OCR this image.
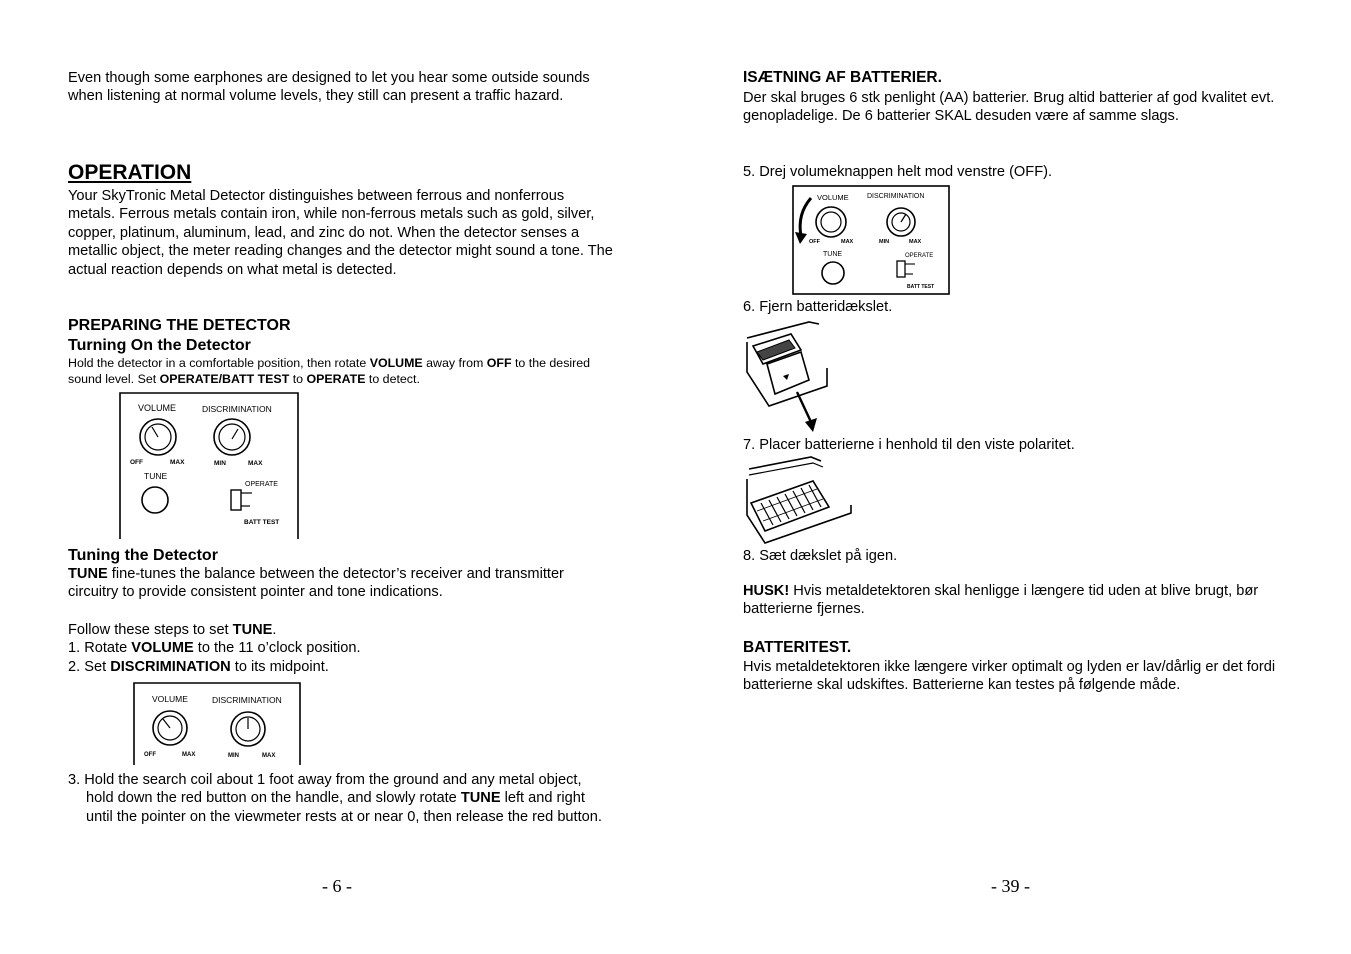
Even though some earphones are designed to let you hear some outside sounds when listening at normal volume levels, they still can present a traffic hazard.

OPERATION

Your SkyTronic Metal Detector distinguishes between ferrous and nonferrous metals. Ferrous metals contain iron, while non-ferrous metals such as gold, silver, copper, platinum, aluminum, lead, and zinc do not. When the detector senses a metallic object, the meter reading changes and the detector might sound a tone. The actual reaction depends on what metal is detected.

PREPARING THE DETECTOR
Turning On the Detector

Hold the detector in a comfortable position, then rotate VOLUME away from OFF to the desired sound level. Set OPERATE/BATT TEST to OPERATE to detect.

VOLUME	DISCRIMINATION
OFF	MAX	MIN	MAX
TUNE
OPERATE
BATT TEST
Tuning the Detector

TUNE fine-tunes the balance between the detector’s receiver and transmitter circuitry to provide consistent pointer and tone indications.

Follow these steps to set TUNE.

1. Rotate VOLUME to the 11 o’clock position.

2. Set DISCRIMINATION to its midpoint.

VOLUME	DISCRIMINATION
OFF	MAX	MIN	MAX

3. Hold the search coil about 1 foot away from the ground and any metal object, hold down the red button on the handle, and slowly rotate TUNE left and right until the pointer on the viewmeter rests at or near 0, then release the red button.

- 6 -
ISÆTNING AF BATTERIER.

Der skal bruges 6 stk penlight (AA) batterier. Brug altid batterier af god kvalitet evt. genopladelige. De 6 batterier SKAL desuden være af samme slags.

5. Drej volumeknappen helt mod venstre (OFF).

VOLUME	DISCRIMINATION
OFF	MAX	MIN	MAX
TUNE	OPERATE
BATT TEST

6. Fjern batteridækslet.

7. Placer batterierne i henhold til den viste polaritet.

8. Sæt dækslet på igen.

HUSK! Hvis metaldetektoren skal henligge i længere tid uden at blive brugt, bør batterierne fjernes.

BATTERITEST.

Hvis metaldetektoren ikke længere virker optimalt og lyden er lav/dårlig er det fordi batterierne skal udskiftes. Batterierne kan testes på følgende måde.

- 39 -
